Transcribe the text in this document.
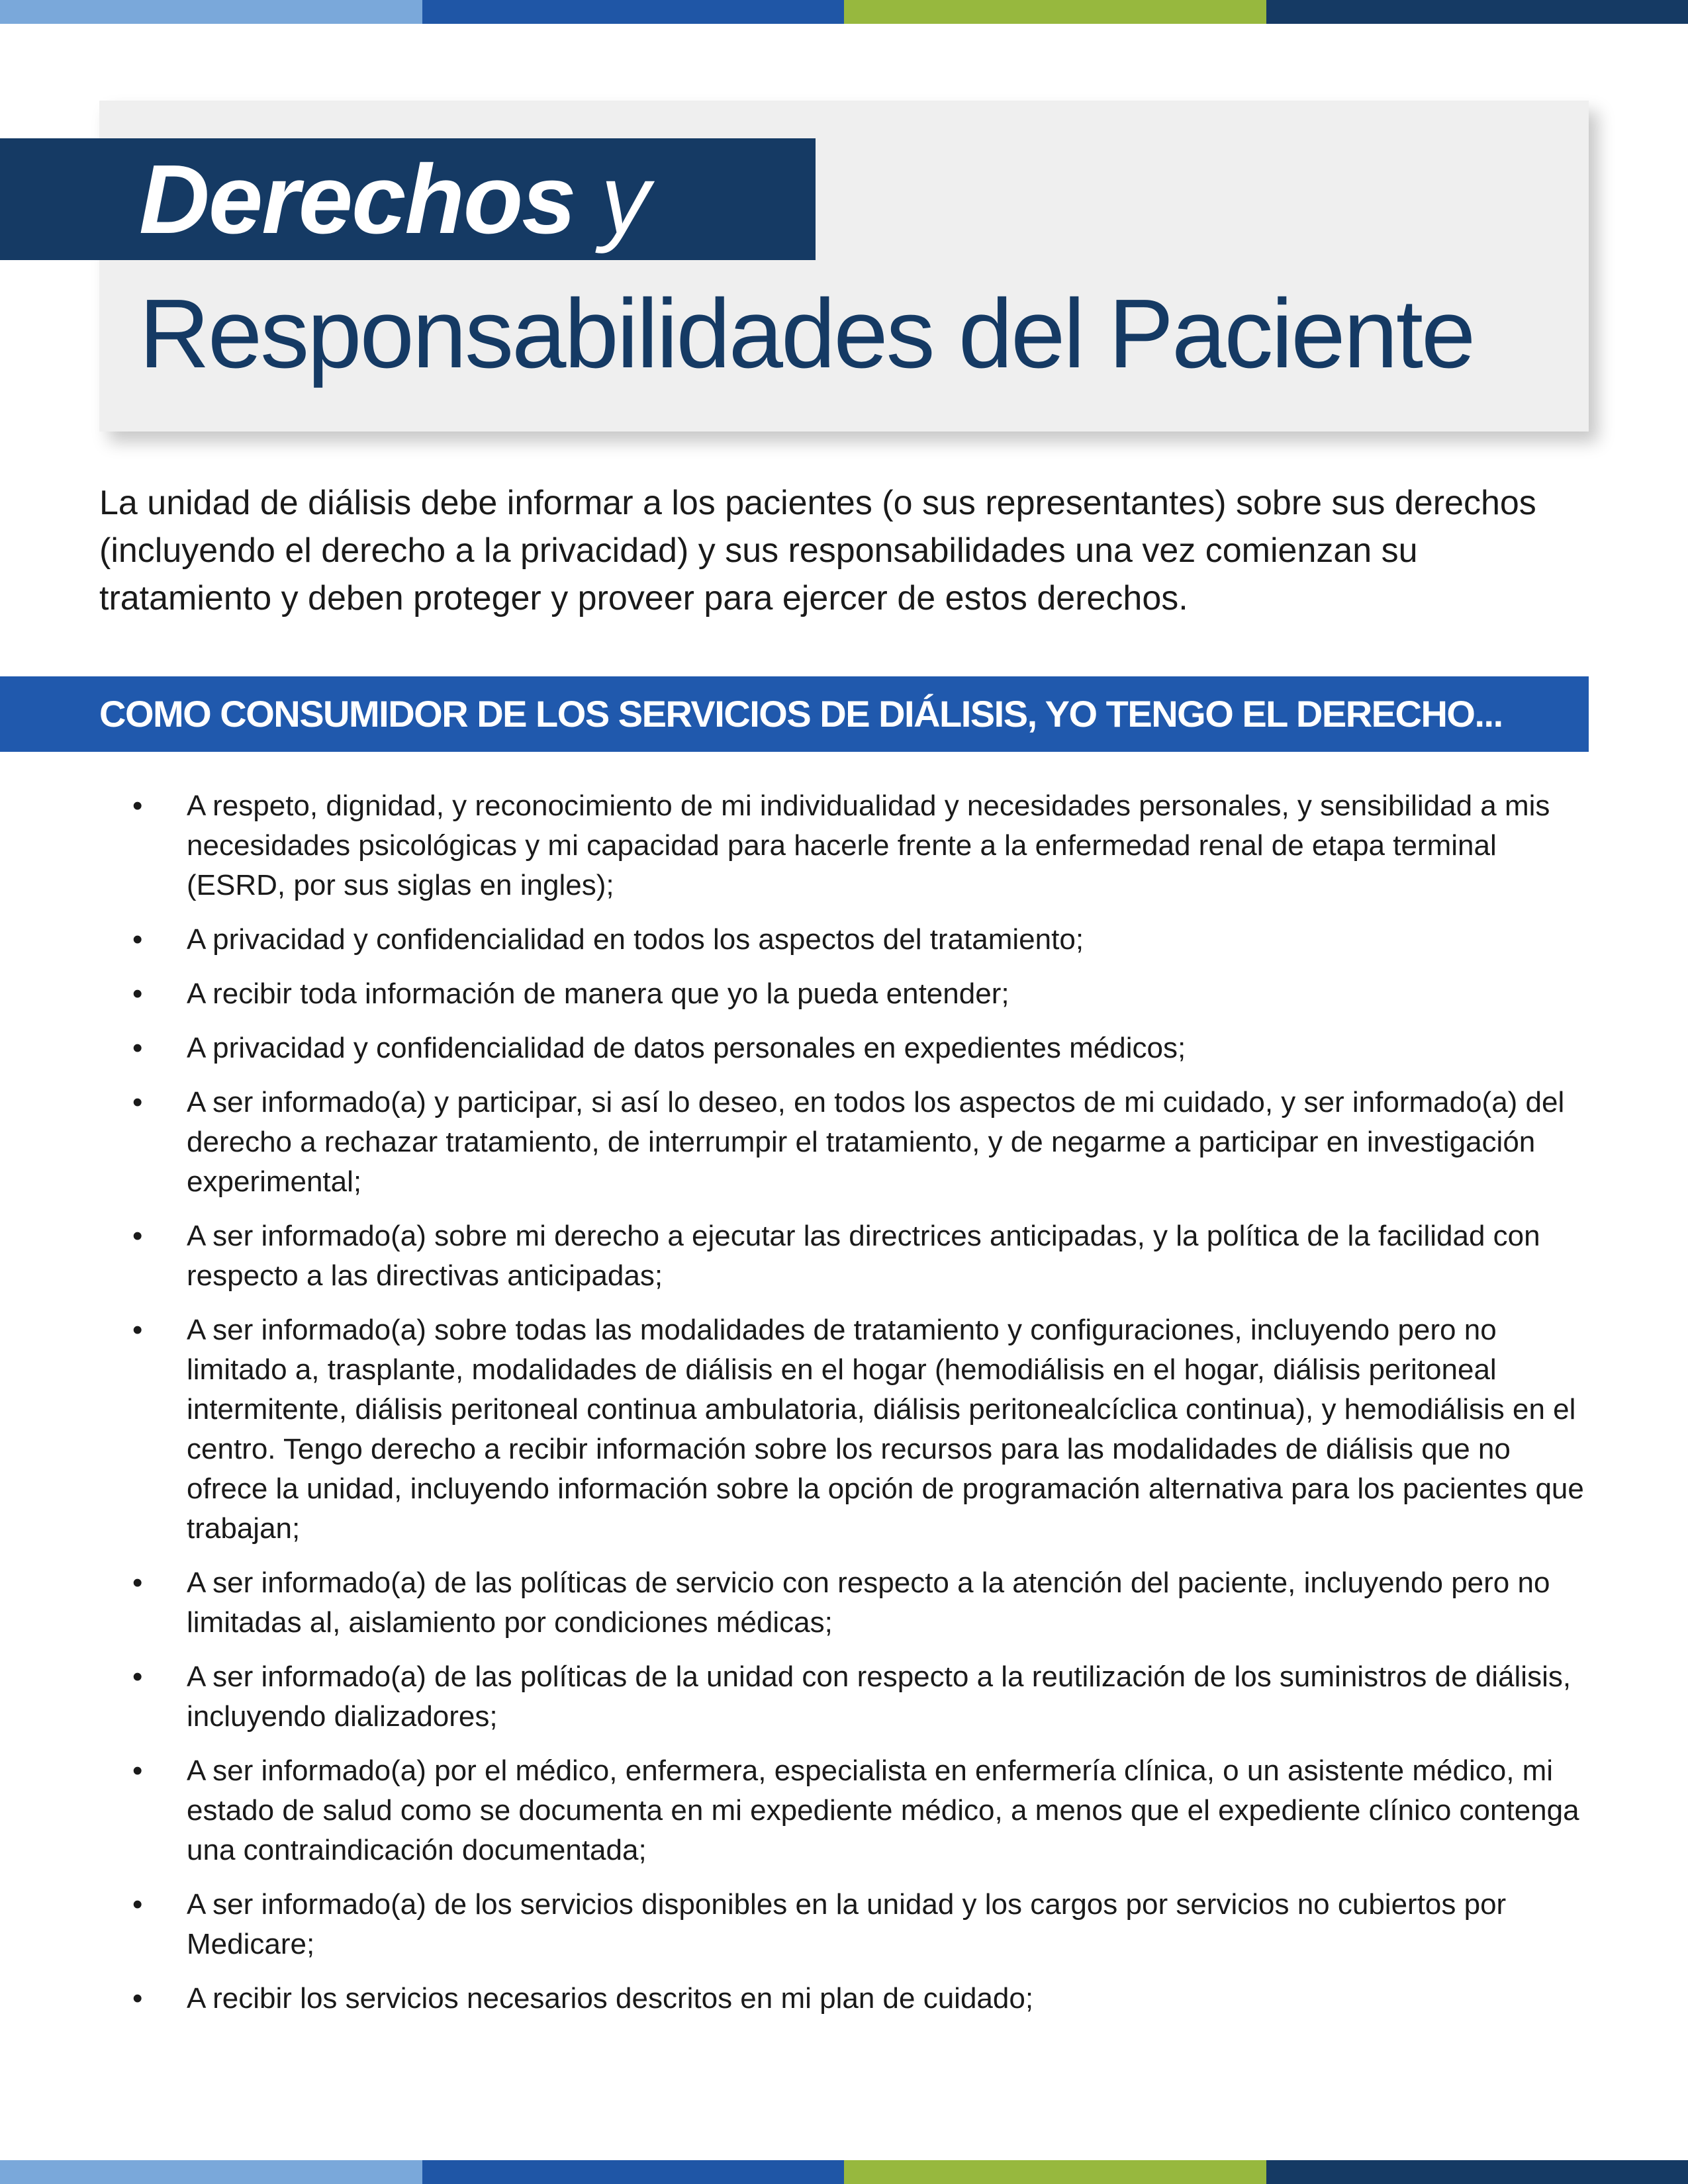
Derechos y
Responsabilidades del Paciente
La unidad de diálisis debe informar a los pacientes (o sus representantes) sobre sus derechos (incluyendo el derecho a la privacidad) y sus responsabilidades una vez comienzan su tratamiento y deben proteger y proveer para ejercer de estos derechos.
COMO CONSUMIDOR DE LOS SERVICIOS DE DIÁLISIS, YO TENGO EL DERECHO...
•	A respeto, dignidad, y reconocimiento de mi individualidad y necesidades personales, y sensibilidad a mis necesidades psicológicas y mi capacidad para hacerle frente a la enfermedad renal de etapa terminal (ESRD, por sus siglas en ingles);
•	A privacidad y confidencialidad en todos los aspectos del tratamiento;
•	A recibir toda información de manera que yo la pueda entender;
•	A privacidad y confidencialidad de datos personales en expedientes médicos;
•	A ser informado(a) y participar, si así lo deseo, en todos los aspectos de mi cuidado, y ser informado(a) del derecho a rechazar tratamiento, de interrumpir el tratamiento, y de negarme a participar en investigación experimental;
•	A ser informado(a) sobre mi derecho a ejecutar las directrices anticipadas, y la política de la facilidad con respecto a las directivas anticipadas;
•	A ser informado(a) sobre todas las modalidades de tratamiento y configuraciones, incluyendo pero no limitado a, trasplante, modalidades de diálisis en el hogar (hemodiálisis en el hogar, diálisis peritoneal intermitente, diálisis peritoneal continua ambulatoria, diálisis peritonealcíclica continua), y hemodiálisis en el centro. Tengo derecho a recibir información sobre los recursos para las modalidades de diálisis que no ofrece la unidad, incluyendo información sobre la opción de programación alternativa para los pacientes que trabajan;
•	A ser informado(a) de las políticas de servicio con respecto a la atención del paciente, incluyendo pero no limitadas al, aislamiento por condiciones médicas;
•	A ser informado(a) de las políticas de la unidad con respecto a la reutilización de los suministros de diálisis, incluyendo dializadores;
•	A ser informado(a) por el médico, enfermera, especialista en enfermería clínica, o un asistente médico, mi estado de salud como se documenta en mi expediente médico, a menos que el expediente clínico contenga una contraindicación documentada;
•	A ser informado(a) de los servicios disponibles en la unidad y los cargos por servicios no cubiertos por Medicare;
•	A recibir los servicios necesarios descritos en mi plan de cuidado;
